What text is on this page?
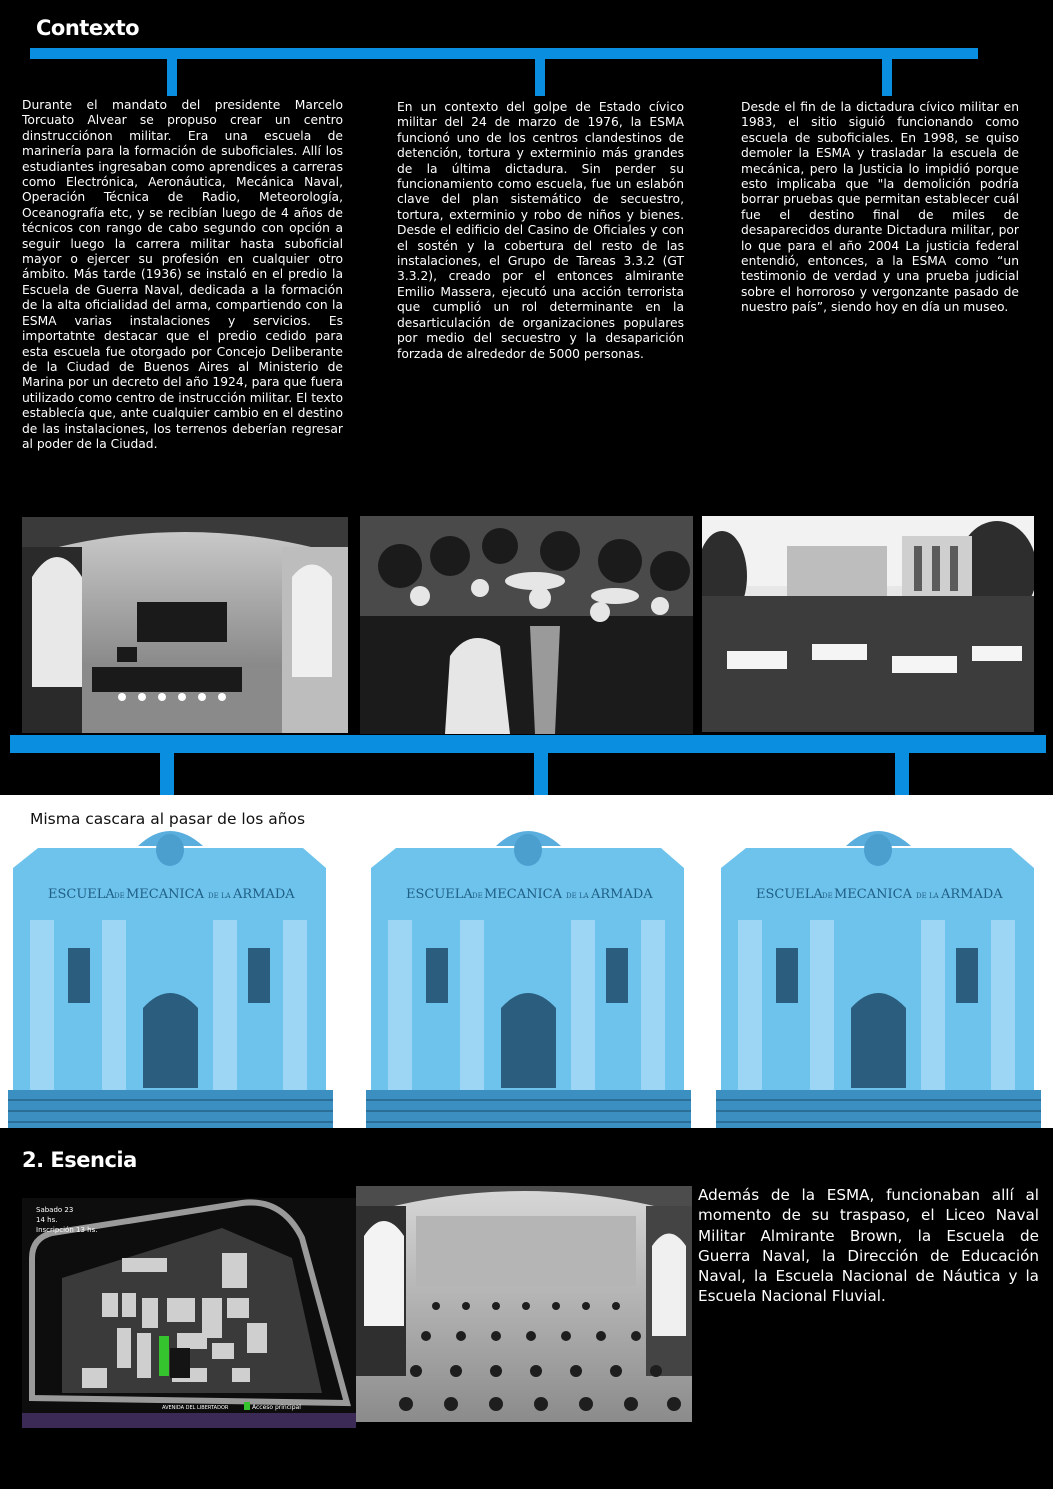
Contexto
Durante el mandato del presidente Marcelo Torcuato Alvear se propuso crear un centro dinstrucciónon militar. Era una escuela de marinería para la formación de suboficiales. Allí los estudiantes ingresaban como aprendices a carreras como Electrónica, Aeronáutica, Mecánica Naval, Operación Técnica de Radio, Meteorología, Oceanografía etc, y se recibían luego de 4 años de técnicos con rango de cabo segundo con opción a seguir luego la carrera militar hasta suboficial mayor o ejercer su profesión en cualquier otro ámbito. Más tarde (1936) se instaló en el predio la Escuela de Guerra Naval, dedicada a la formación de la alta oficialidad del arma, compartiendo con la ESMA varias instalaciones y servicios. Es importatnte destacar que el predio cedido para esta escuela fue otorgado por Concejo Deliberante de la Ciudad de Buenos Aires al Ministerio de Marina por un decreto del año 1924, para que fuera utilizado como centro de instrucción militar. El texto establecía que, ante cualquier cambio en el destino de las instalaciones, los terrenos deberían regresar al poder de la Ciudad.
En un contexto del golpe de Estado cívico militar del 24 de marzo de 1976, la ESMA funcionó uno de los centros clandestinos de detención, tortura y exterminio más grandes de la última dictadura. Sin perder su funcionamiento como escuela, fue un eslabón clave del plan sistemático de secuestro, tortura, exterminio y robo de niños y bienes. Desde el edificio del Casino de Oficiales y con el sostén y la cobertura del resto de las instalaciones, el Grupo de Tareas 3.3.2 (GT 3.3.2), creado por el entonces almirante Emilio Massera, ejecutó una acción terrorista que cumplió un rol determinante en la desarticulación de organizaciones populares por medio del secuestro y la desaparición forzada de alrededor de 5000 personas.
Desde el fin de la dictadura cívico militar en 1983, el sitio siguió funcionando como escuela de suboficiales. En 1998, se quiso demoler la ESMA y trasladar la escuela de mecánica, pero la Justicia lo impidió porque esto implicaba que "la demolición podría borrar pruebas que permitan establecer cuál fue el destino final de miles de desaparecidos durante Dictadura militar, por lo que para el año 2004 La justicia federal entendió, entonces, a la ESMA como “un testimonio de verdad y una prueba judicial sobre el horroroso y vergonzante pasado de nuestro país”, siendo hoy en día un museo.
Misma cascara al pasar de los años
ESCUELA DE MECANICA DE LA ARMADA	ESCUELA DE MECANICA DE LA ARMADA	ESCUELA DE MECANICA DE LA ARMADA
2. Esencia
Sabado 23
14 hs.
Inscripción 13 hs.
AVENIDA DEL LIBERTADOR	Acceso principal
Además de la ESMA, funcionaban allí al momento de su traspaso, el Liceo Naval Militar Almirante Brown, la Escuela de Guerra Naval, la Dirección de Educación Naval, la Escuela Nacional de Náutica y la Escuela Nacional Fluvial.
